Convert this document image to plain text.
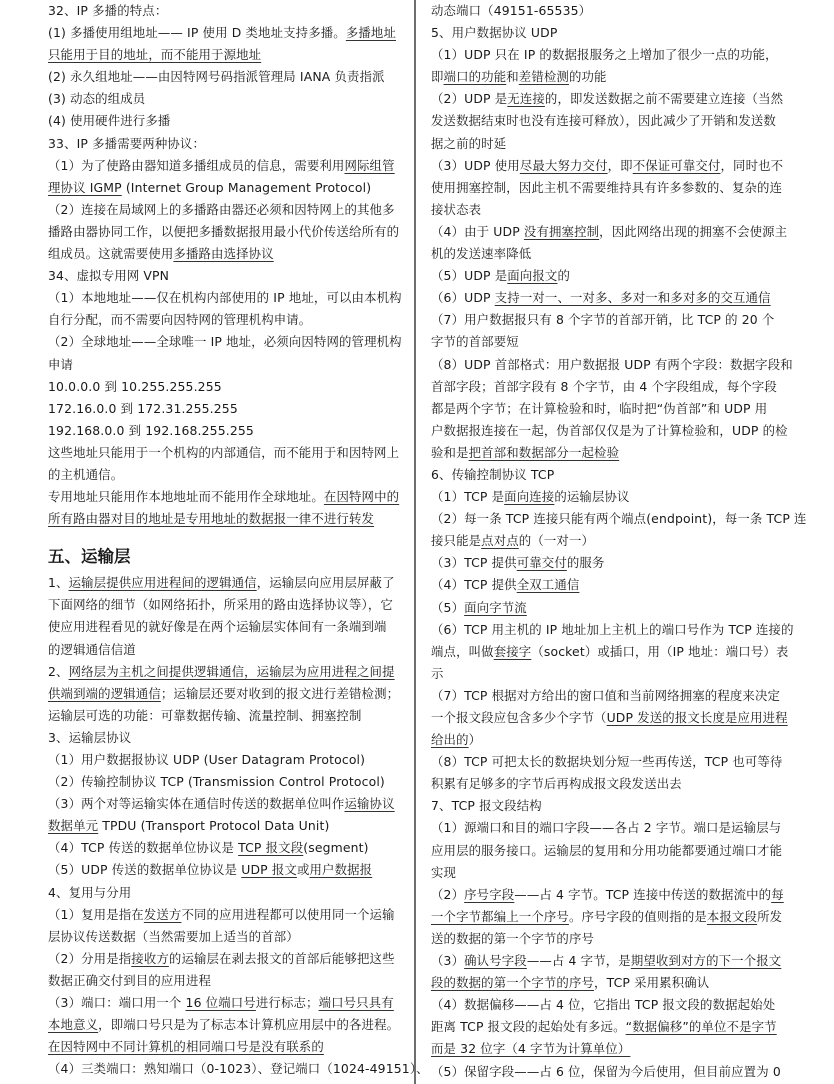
32、IP 多播的特点：
(1) 多播使用组地址—— IP 使用 D 类地址支持多播。多播地址
只能用于目的地址，而不能用于源地址
(2) 永久组地址——由因特网号码指派管理局 IANA 负责指派
(3) 动态的组成员
(4) 使用硬件进行多播
33、IP 多播需要两种协议：
（1）为了使路由器知道多播组成员的信息，需要利用网际组管
理协议 IGMP (Internet Group Management Protocol)
（2）连接在局域网上的多播路由器还必须和因特网上的其他多
播路由器协同工作，以便把多播数据报用最小代价传送给所有的
组成员。这就需要使用多播路由选择协议
34、虚拟专用网 VPN
（1）本地地址——仅在机构内部使用的 IP 地址，可以由本机构
自行分配，而不需要向因特网的管理机构申请。
（2）全球地址——全球唯一 IP 地址，必须向因特网的管理机构
申请
10.0.0.0 到 10.255.255.255
172.16.0.0 到 172.31.255.255
192.168.0.0 到 192.168.255.255
这些地址只能用于一个机构的内部通信，而不能用于和因特网上
的主机通信。
专用地址只能用作本地地址而不能用作全球地址。在因特网中的
所有路由器对目的地址是专用地址的数据报一律不进行转发
五、运输层
1、运输层提供应用进程间的逻辑通信，运输层向应用层屏蔽了
下面网络的细节（如网络拓扑，所采用的路由选择协议等），它
使应用进程看见的就好像是在两个运输层实体间有一条端到端
的逻辑通信信道
2、网络层为主机之间提供逻辑通信，运输层为应用进程之间提
供端到端的逻辑通信；运输层还要对收到的报文进行差错检测；
运输层可选的功能：可靠数据传输、流量控制、拥塞控制
3、运输层协议
（1）用户数据报协议 UDP (User Datagram Protocol)
（2）传输控制协议 TCP (Transmission Control Protocol)
（3）两个对等运输实体在通信时传送的数据单位叫作运输协议
数据单元 TPDU (Transport Protocol Data Unit)
（4）TCP 传送的数据单位协议是 TCP 报文段(segment)
（5）UDP 传送的数据单位协议是 UDP 报文或用户数据报
4、复用与分用
（1）复用是指在发送方不同的应用进程都可以使用同一个运输
层协议传送数据（当然需要加上适当的首部）
（2）分用是指接收方的运输层在剥去报文的首部后能够把这些
数据正确交付到目的应用进程
（3）端口：端口用一个 16 位端口号进行标志；端口号只具有
本地意义，即端口号只是为了标志本计算机应用层中的各进程。
在因特网中不同计算机的相同端口号是没有联系的
（4）三类端口：熟知端口（0-1023）、登记端口（1024-49151）、
动态端口（49151-65535）
5、用户数据协议 UDP
（1）UDP 只在 IP 的数据报服务之上增加了很少一点的功能，
即端口的功能和差错检测的功能
（2）UDP 是无连接的，即发送数据之前不需要建立连接（当然
发送数据结束时也没有连接可释放），因此减少了开销和发送数
据之前的时延
（3）UDP 使用尽最大努力交付，即不保证可靠交付，同时也不
使用拥塞控制，因此主机不需要维持具有许多参数的、复杂的连
接状态表
（4）由于 UDP 没有拥塞控制，因此网络出现的拥塞不会使源主
机的发送速率降低
（5）UDP 是面向报文的
（6）UDP 支持一对一、一对多、多对一和多对多的交互通信
（7）用户数据报只有 8 个字节的首部开销，比 TCP 的 20 个
字节的首部要短
（8）UDP 首部格式：用户数据报 UDP 有两个字段：数据字段和
首部字段；首部字段有 8 个字节，由 4 个字段组成，每个字段
都是两个字节；在计算检验和时，临时把“伪首部”和 UDP 用
户数据报连接在一起，伪首部仅仅是为了计算检验和，UDP 的检
验和是把首部和数据部分一起检验
6、传输控制协议 TCP
（1）TCP 是面向连接的运输层协议
（2）每一条 TCP 连接只能有两个端点(endpoint)，每一条 TCP 连
接只能是点对点的（一对一）
（3）TCP 提供可靠交付的服务
（4）TCP 提供全双工通信
（5）面向字节流
（6）TCP 用主机的 IP 地址加上主机上的端口号作为 TCP 连接的
端点，叫做套接字（socket）或插口，用（IP 地址：端口号）表
示
（7）TCP 根据对方给出的窗口值和当前网络拥塞的程度来决定
一个报文段应包含多少个字节（UDP 发送的报文长度是应用进程
给出的）
（8）TCP 可把太长的数据块划分短一些再传送，TCP 也可等待
积累有足够多的字节后再构成报文段发送出去
7、TCP 报文段结构
（1）源端口和目的端口字段——各占 2 字节。端口是运输层与
应用层的服务接口。运输层的复用和分用功能都要通过端口才能
实现
（2）序号字段——占 4 字节。TCP 连接中传送的数据流中的每
一个字节都编上一个序号。序号字段的值则指的是本报文段所发
送的数据的第一个字节的序号
（3）确认号字段——占 4 字节，是期望收到对方的下一个报文
段的数据的第一个字节的序号，TCP 采用累积确认
（4）数据偏移——占 4 位，它指出 TCP 报文段的数据起始处
距离 TCP 报文段的起始处有多远。“数据偏移”的单位不是字节
而是 32 位字（4 字节为计算单位）
（5）保留字段——占 6 位，保留为今后使用，但目前应置为 0
